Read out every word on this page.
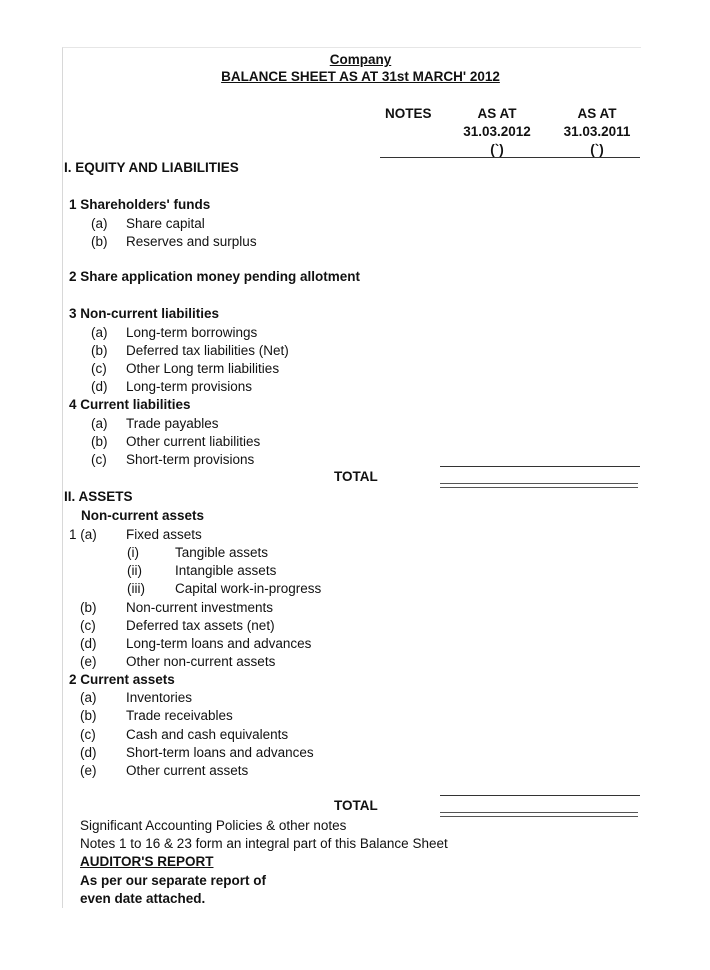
Company
BALANCE SHEET AS AT 31st MARCH' 2012
NOTES	AS AT
31.03.2012
(`)
AS AT
31.03.2011
(`)
I. EQUITY AND LIABILITIES
1 Shareholders' funds
(a) Share capital
(b) Reserves and surplus
2 Share application money pending allotment
3 Non-current liabilities
(a) Long-term borrowings
(b) Deferred tax liabilities (Net)
(c) Other Long term liabilities
(d) Long-term provisions
4 Current liabilities
(a) Trade payables
(b) Other current liabilities
(c) Short-term provisions
TOTAL
II. ASSETS
Non-current assets
1 (a) Fixed assets
(i)	Tangible assets
(ii) Intangible assets
(iii) Capital work-in-progress
(b) Non-current investments
(c) Deferred tax assets (net)
(d) Long-term loans and advances
(e) Other non-current assets
2 Current assets
(a) Inventories
(b) Trade receivables
(c) Cash and cash equivalents
(d) Short-term loans and advances
(e) Other current assets
TOTAL
Significant Accounting Policies & other notes
Notes 1 to 16 & 23 form an integral part of this Balance Sheet
AUDITOR'S REPORT
As per our separate report of
even date attached.
